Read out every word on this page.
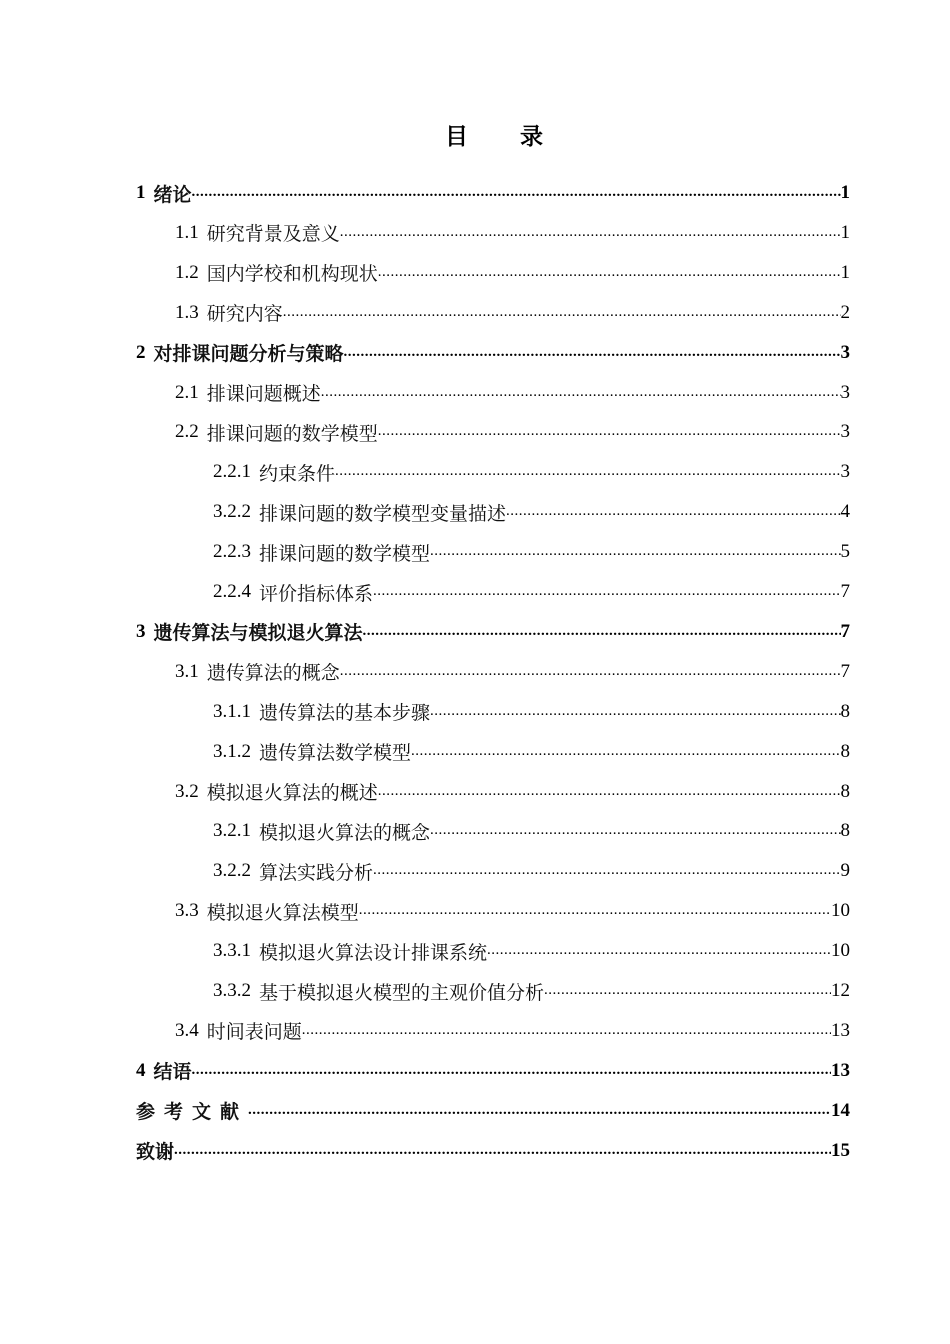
目 录
1 绪论 .....	1
1.1 研究背景及意义 .....	1
1.2 国内学校和机构现状 .....	1
1.3 研究内容 .....	2
2 对排课问题分析与策略 .....	3
2.1 排课问题概述 .....	3
2.2 排课问题的数学模型 .....	3
2.2.1 约束条件 .....	3
3.2.2 排课问题的数学模型变量描述 .....	4
2.2.3 排课问题的数学模型 .....	5
2.2.4 评价指标体系 .....	7
3 遗传算法与模拟退火算法 .....	7
3.1 遗传算法的概念 .....	7
3.1.1 遗传算法的基本步骤 .....	8
3.1.2 遗传算法数学模型 .....	8
3.2 模拟退火算法的概述 .....	8
3.2.1 模拟退火算法的概念 .....	8
3.2.2 算法实践分析 .....	9
3.3 模拟退火算法模型 .....	10
3.3.1 模拟退火算法设计排课系统 .....	10
3.3.2 基于模拟退火模型的主观价值分析 .....	12
3.4 时间表问题 .....	13
4 结语 .....	13
参考文献 .....	14
致谢 .....	15
